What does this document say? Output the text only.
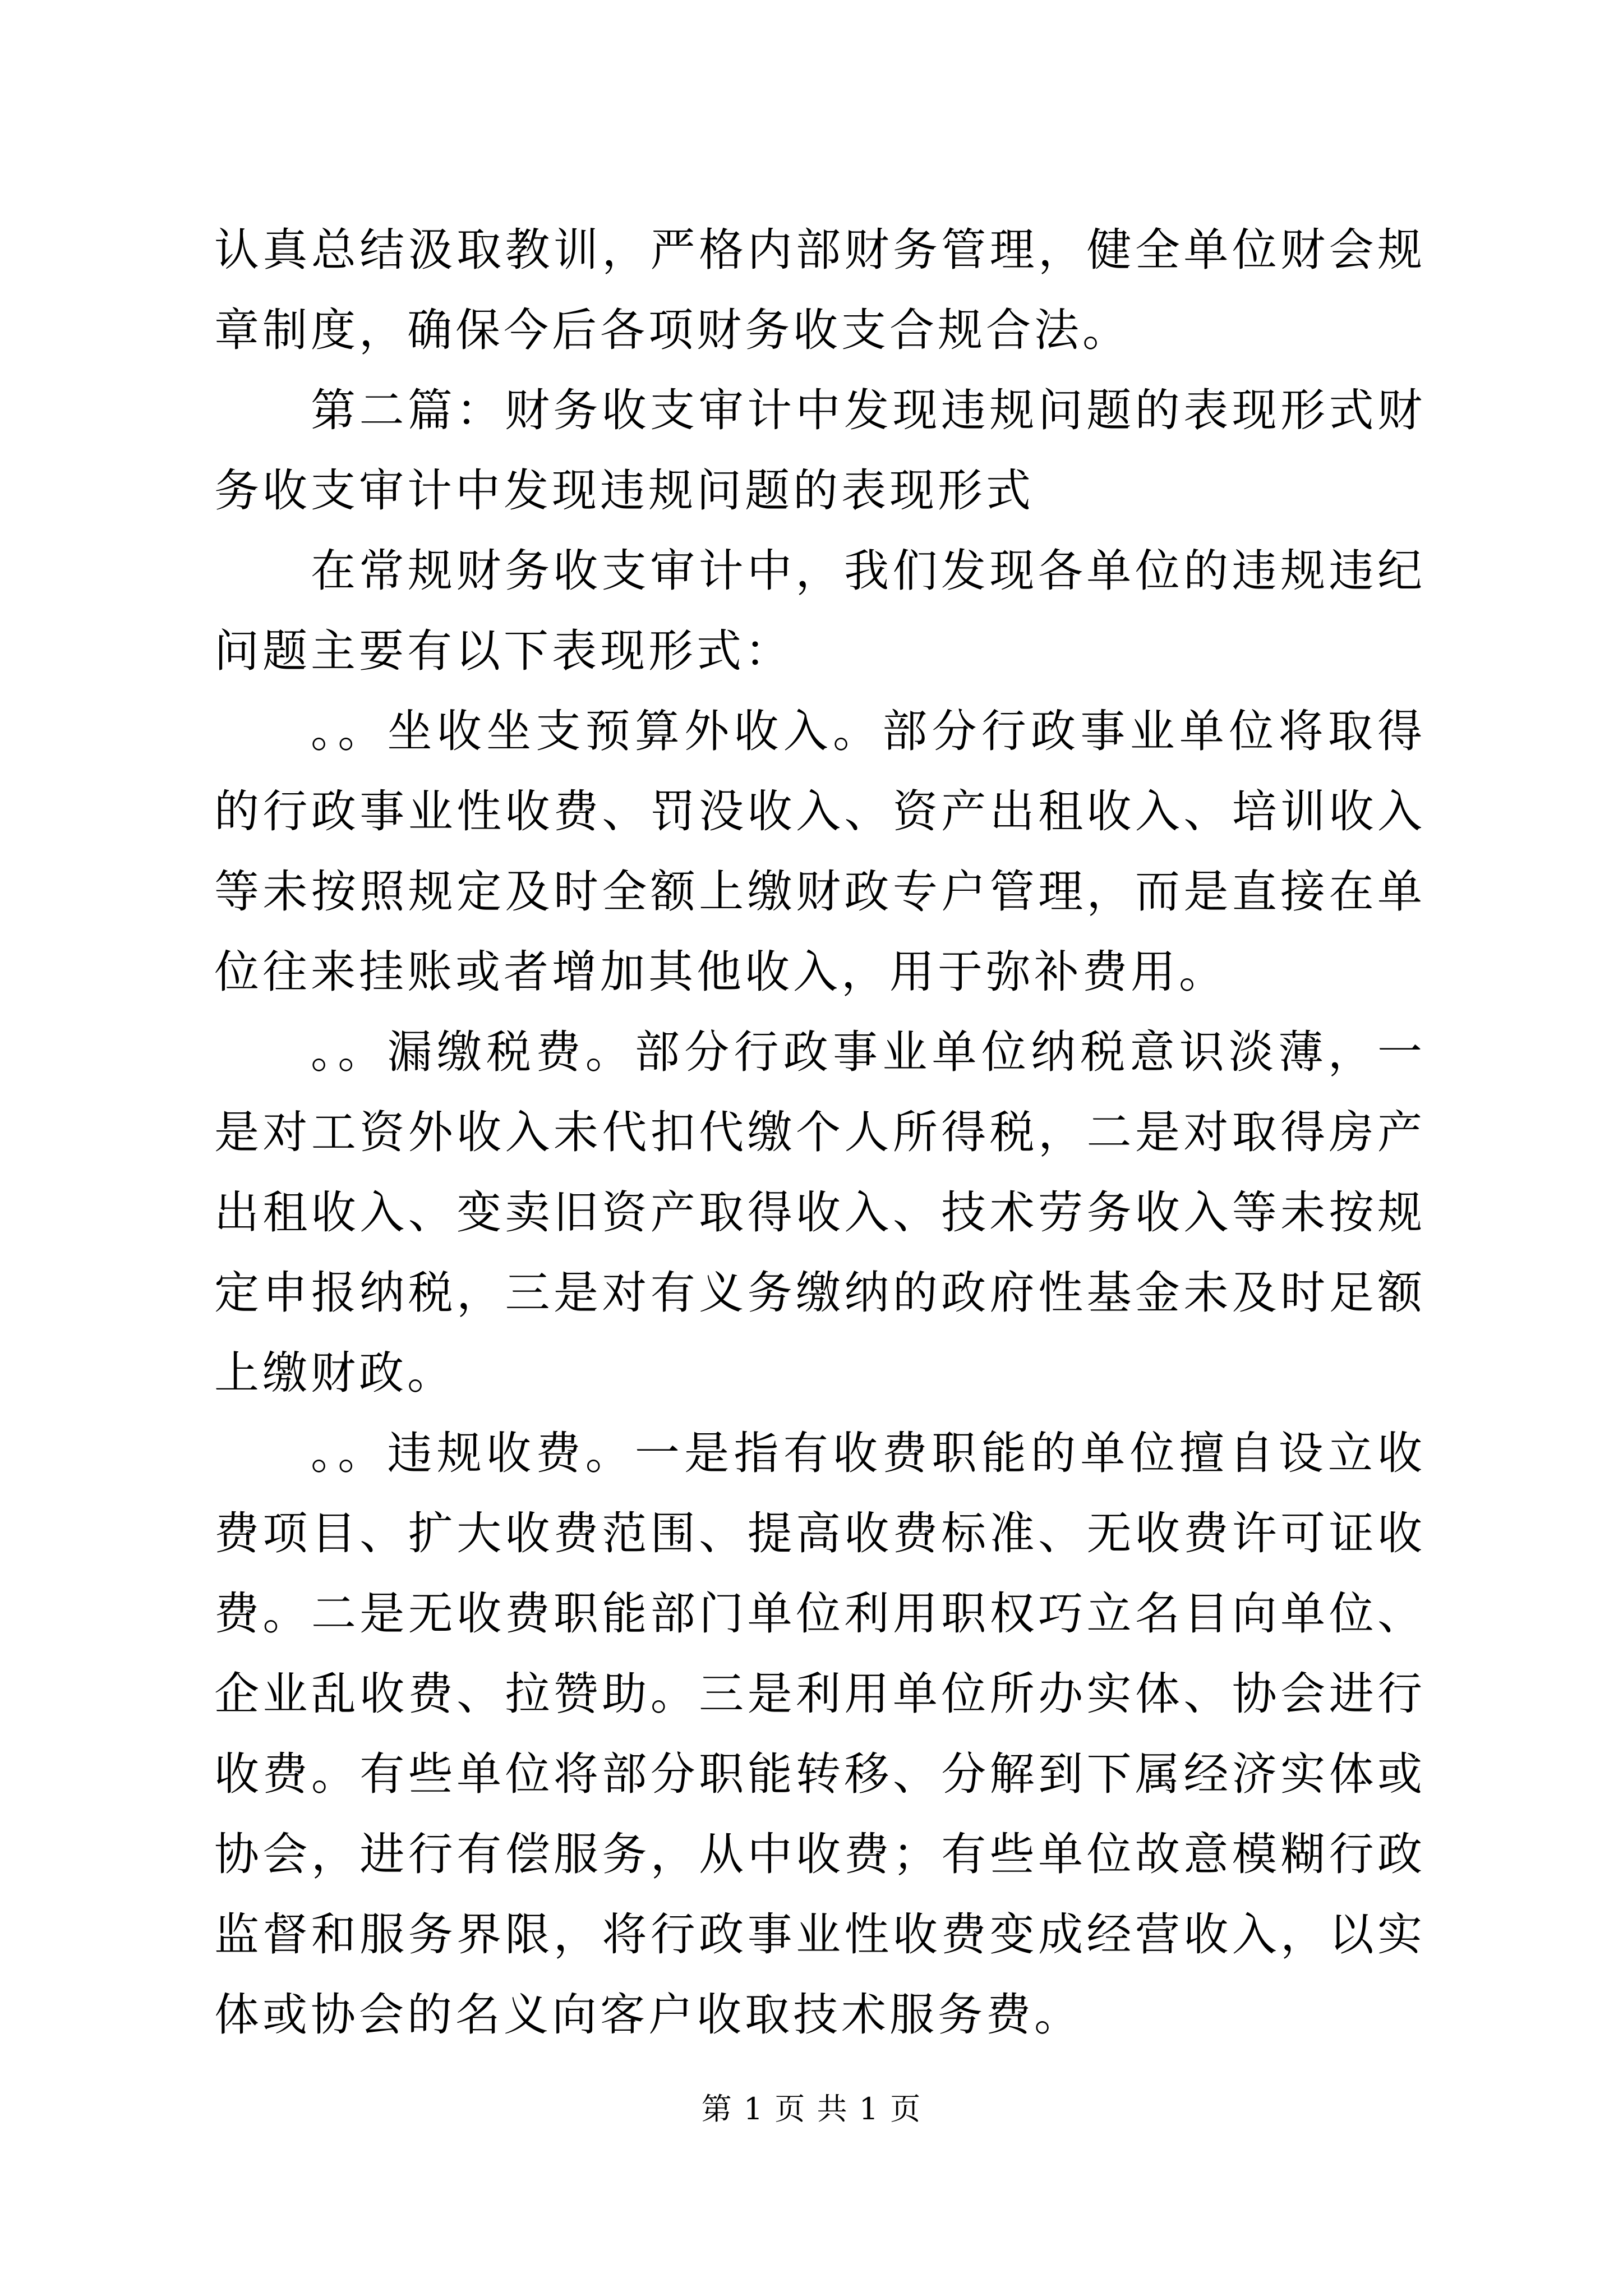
认真总结汲取教训，严格内部财务管理，健全单位财会规章制度，确保今后各项财务收支合规合法。

第二篇：财务收支审计中发现违规问题的表现形式财务收支审计中发现违规问题的表现形式

在常规财务收支审计中，我们发现各单位的违规违纪问题主要有以下表现形式：

。。坐收坐支预算外收入。部分行政事业单位将取得的行政事业性收费、罚没收入、资产出租收入、培训收入等未按照规定及时全额上缴财政专户管理，而是直接在单位往来挂账或者增加其他收入，用于弥补费用。

。。漏缴税费。部分行政事业单位纳税意识淡薄，一是对工资外收入未代扣代缴个人所得税，二是对取得房产出租收入、变卖旧资产取得收入、技术劳务收入等未按规定申报纳税，三是对有义务缴纳的政府性基金未及时足额上缴财政。

。。违规收费。一是指有收费职能的单位擅自设立收费项目、扩大收费范围、提高收费标准、无收费许可证收费。二是无收费职能部门单位利用职权巧立名目向单位、企业乱收费、拉赞助。三是利用单位所办实体、协会进行收费。有些单位将部分职能转移、分解到下属经济实体或协会，进行有偿服务，从中收费；有些单位故意模糊行政监督和服务界限，将行政事业性收费变成经营收入，以实体或协会的名义向客户收取技术服务费。

第 1 页 共 1 页
